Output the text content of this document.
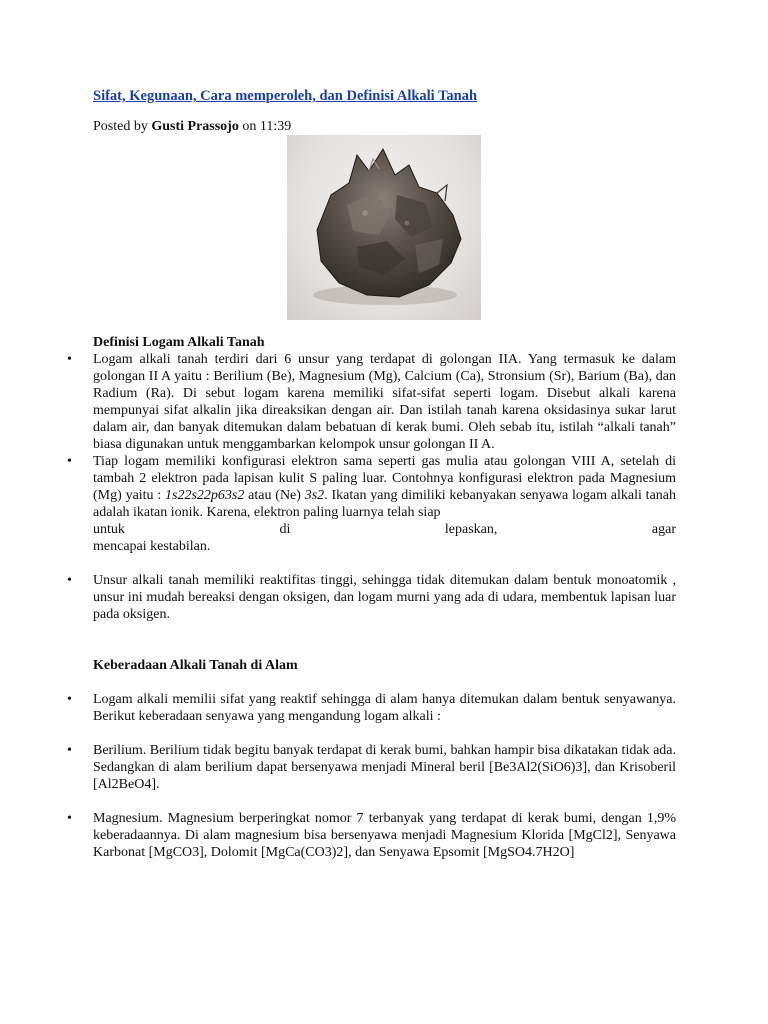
Sifat, Kegunaan, Cara memperoleh, dan Definisi Alkali Tanah
Posted by Gusti Prassojo on 11:39
Definisi Logam Alkali Tanah
• Logam alkali tanah terdiri dari 6 unsur yang terdapat di golongan IIA. Yang termasuk ke dalam golongan II A yaitu : Berilium (Be), Magnesium (Mg), Calcium (Ca), Stronsium (Sr), Barium (Ba), dan Radium (Ra). Di sebut logam karena memiliki sifat-sifat seperti logam. Disebut alkali karena mempunyai sifat alkalin jika direaksikan dengan air. Dan istilah tanah karena oksidasinya sukar larut dalam air, dan banyak ditemukan dalam bebatuan di kerak bumi. Oleh sebab itu, istilah “alkali tanah” biasa digunakan untuk menggambarkan kelompok unsur golongan II A.
• Tiap logam memiliki konfigurasi elektron sama seperti gas mulia atau golongan VIII A, setelah di tambah 2 elektron pada lapisan kulit S paling luar. Contohnya konfigurasi elektron pada Magnesium (Mg) yaitu : 1s22s22p63s2 atau (Ne) 3s2. Ikatan yang dimiliki kebanyakan senyawa logam alkali tanah adalah ikatan ionik. Karena, elektron paling luarnya telah siap
untuk	di	lepaskan,	agar
mencapai kestabilan.
• Unsur alkali tanah memiliki reaktifitas tinggi, sehingga tidak ditemukan dalam bentuk monoatomik , unsur ini mudah bereaksi dengan oksigen, dan logam murni yang ada di udara, membentuk lapisan luar pada oksigen.
Keberadaan Alkali Tanah di Alam
• Logam alkali memilii sifat yang reaktif sehingga di alam hanya ditemukan dalam bentuk senyawanya. Berikut keberadaan senyawa yang mengandung logam alkali :
• Berilium. Berilium tidak begitu banyak terdapat di kerak bumi, bahkan hampir bisa dikatakan tidak ada. Sedangkan di alam berilium dapat bersenyawa menjadi Mineral beril [Be3Al2(SiO6)3], dan Krisoberil [Al2BeO4].
• Magnesium. Magnesium berperingkat nomor 7 terbanyak yang terdapat di kerak bumi, dengan 1,9% keberadaannya. Di alam magnesium bisa bersenyawa menjadi Magnesium Klorida [MgCl2], Senyawa Karbonat [MgCO3], Dolomit [MgCa(CO3)2], dan Senyawa Epsomit [MgSO4.7H2O]
